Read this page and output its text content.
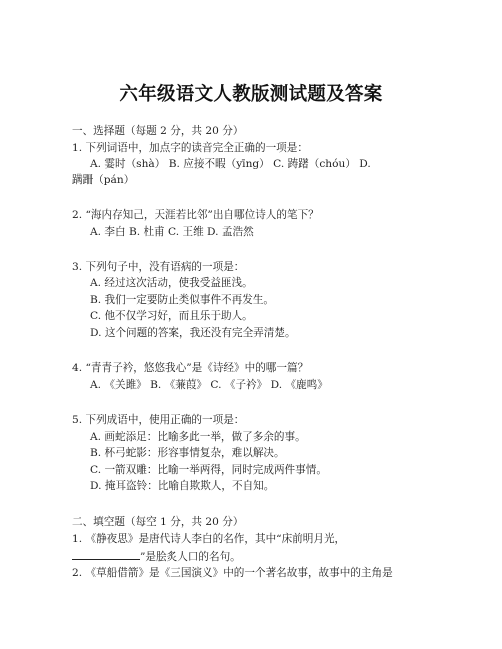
六年级语文人教版测试题及答案
一、选择题（每题 2 分，共 20 分）
1. 下列词语中，加点字的读音完全正确的一项是：
A. 霎时（shà） B. 应接不暇（yīng） C. 踌躇（chóu） D.
蹒跚（pán）
2. “海内存知己，天涯若比邻”出自哪位诗人的笔下？
A. 李白 B. 杜甫 C. 王维 D. 孟浩然
3. 下列句子中，没有语病的一项是：
A. 经过这次活动，使我受益匪浅。
B. 我们一定要防止类似事件不再发生。
C. 他不仅学习好，而且乐于助人。
D. 这个问题的答案，我还没有完全弄清楚。
4. “青青子衿，悠悠我心”是《诗经》中的哪一篇？
A. 《关雎》 B. 《蒹葭》 C. 《子衿》 D. 《鹿鸣》
5. 下列成语中，使用正确的一项是：
A. 画蛇添足：比喻多此一举，做了多余的事。
B. 杯弓蛇影：形容事情复杂，难以解决。
C. 一箭双雕：比喻一举两得，同时完成两件事情。
D. 掩耳盗铃：比喻自欺欺人，不自知。
二、填空题（每空 1 分，共 20 分）
1. 《静夜思》是唐代诗人李白的名作，其中“床前明月光，
”是脍炙人口的名句。
2. 《草船借箭》是《三国演义》中的一个著名故事，故事中的主角是
